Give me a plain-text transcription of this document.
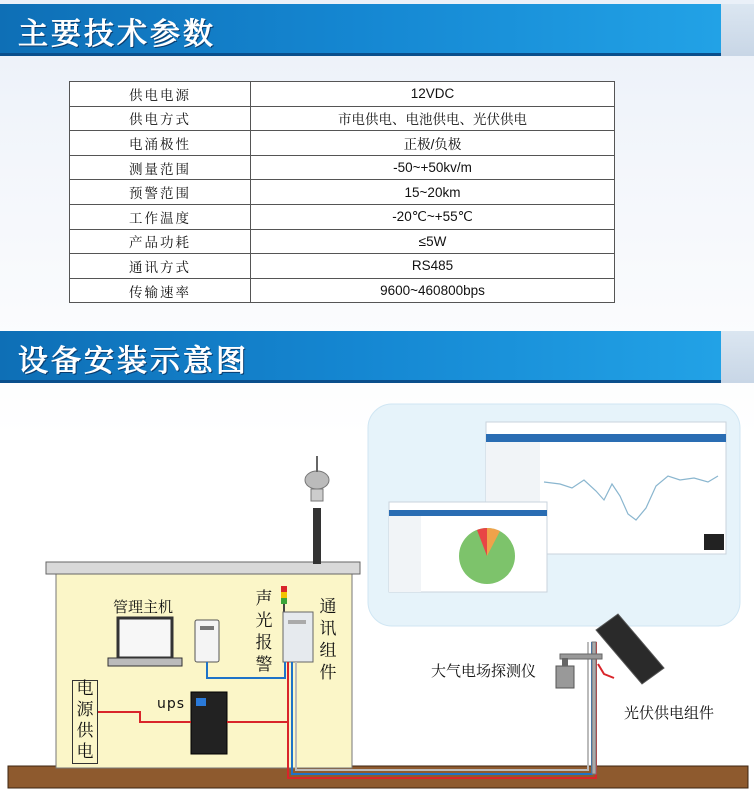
主要技术参数
供电电源	12VDC
供电方式	市电供电、电池供电、光伏供电
电涌极性	正极/负极
测量范围	-50~+50kv/m
预警范围	15~20km
工作温度	-20℃~+55℃
产品功耗	≤5W
通讯方式	RS485
传输速率	9600~460800bps
设备安装示意图
管理主机	声光报警
通讯组件
ups
电源供电
大气电场探测仪
光伏供电组件
